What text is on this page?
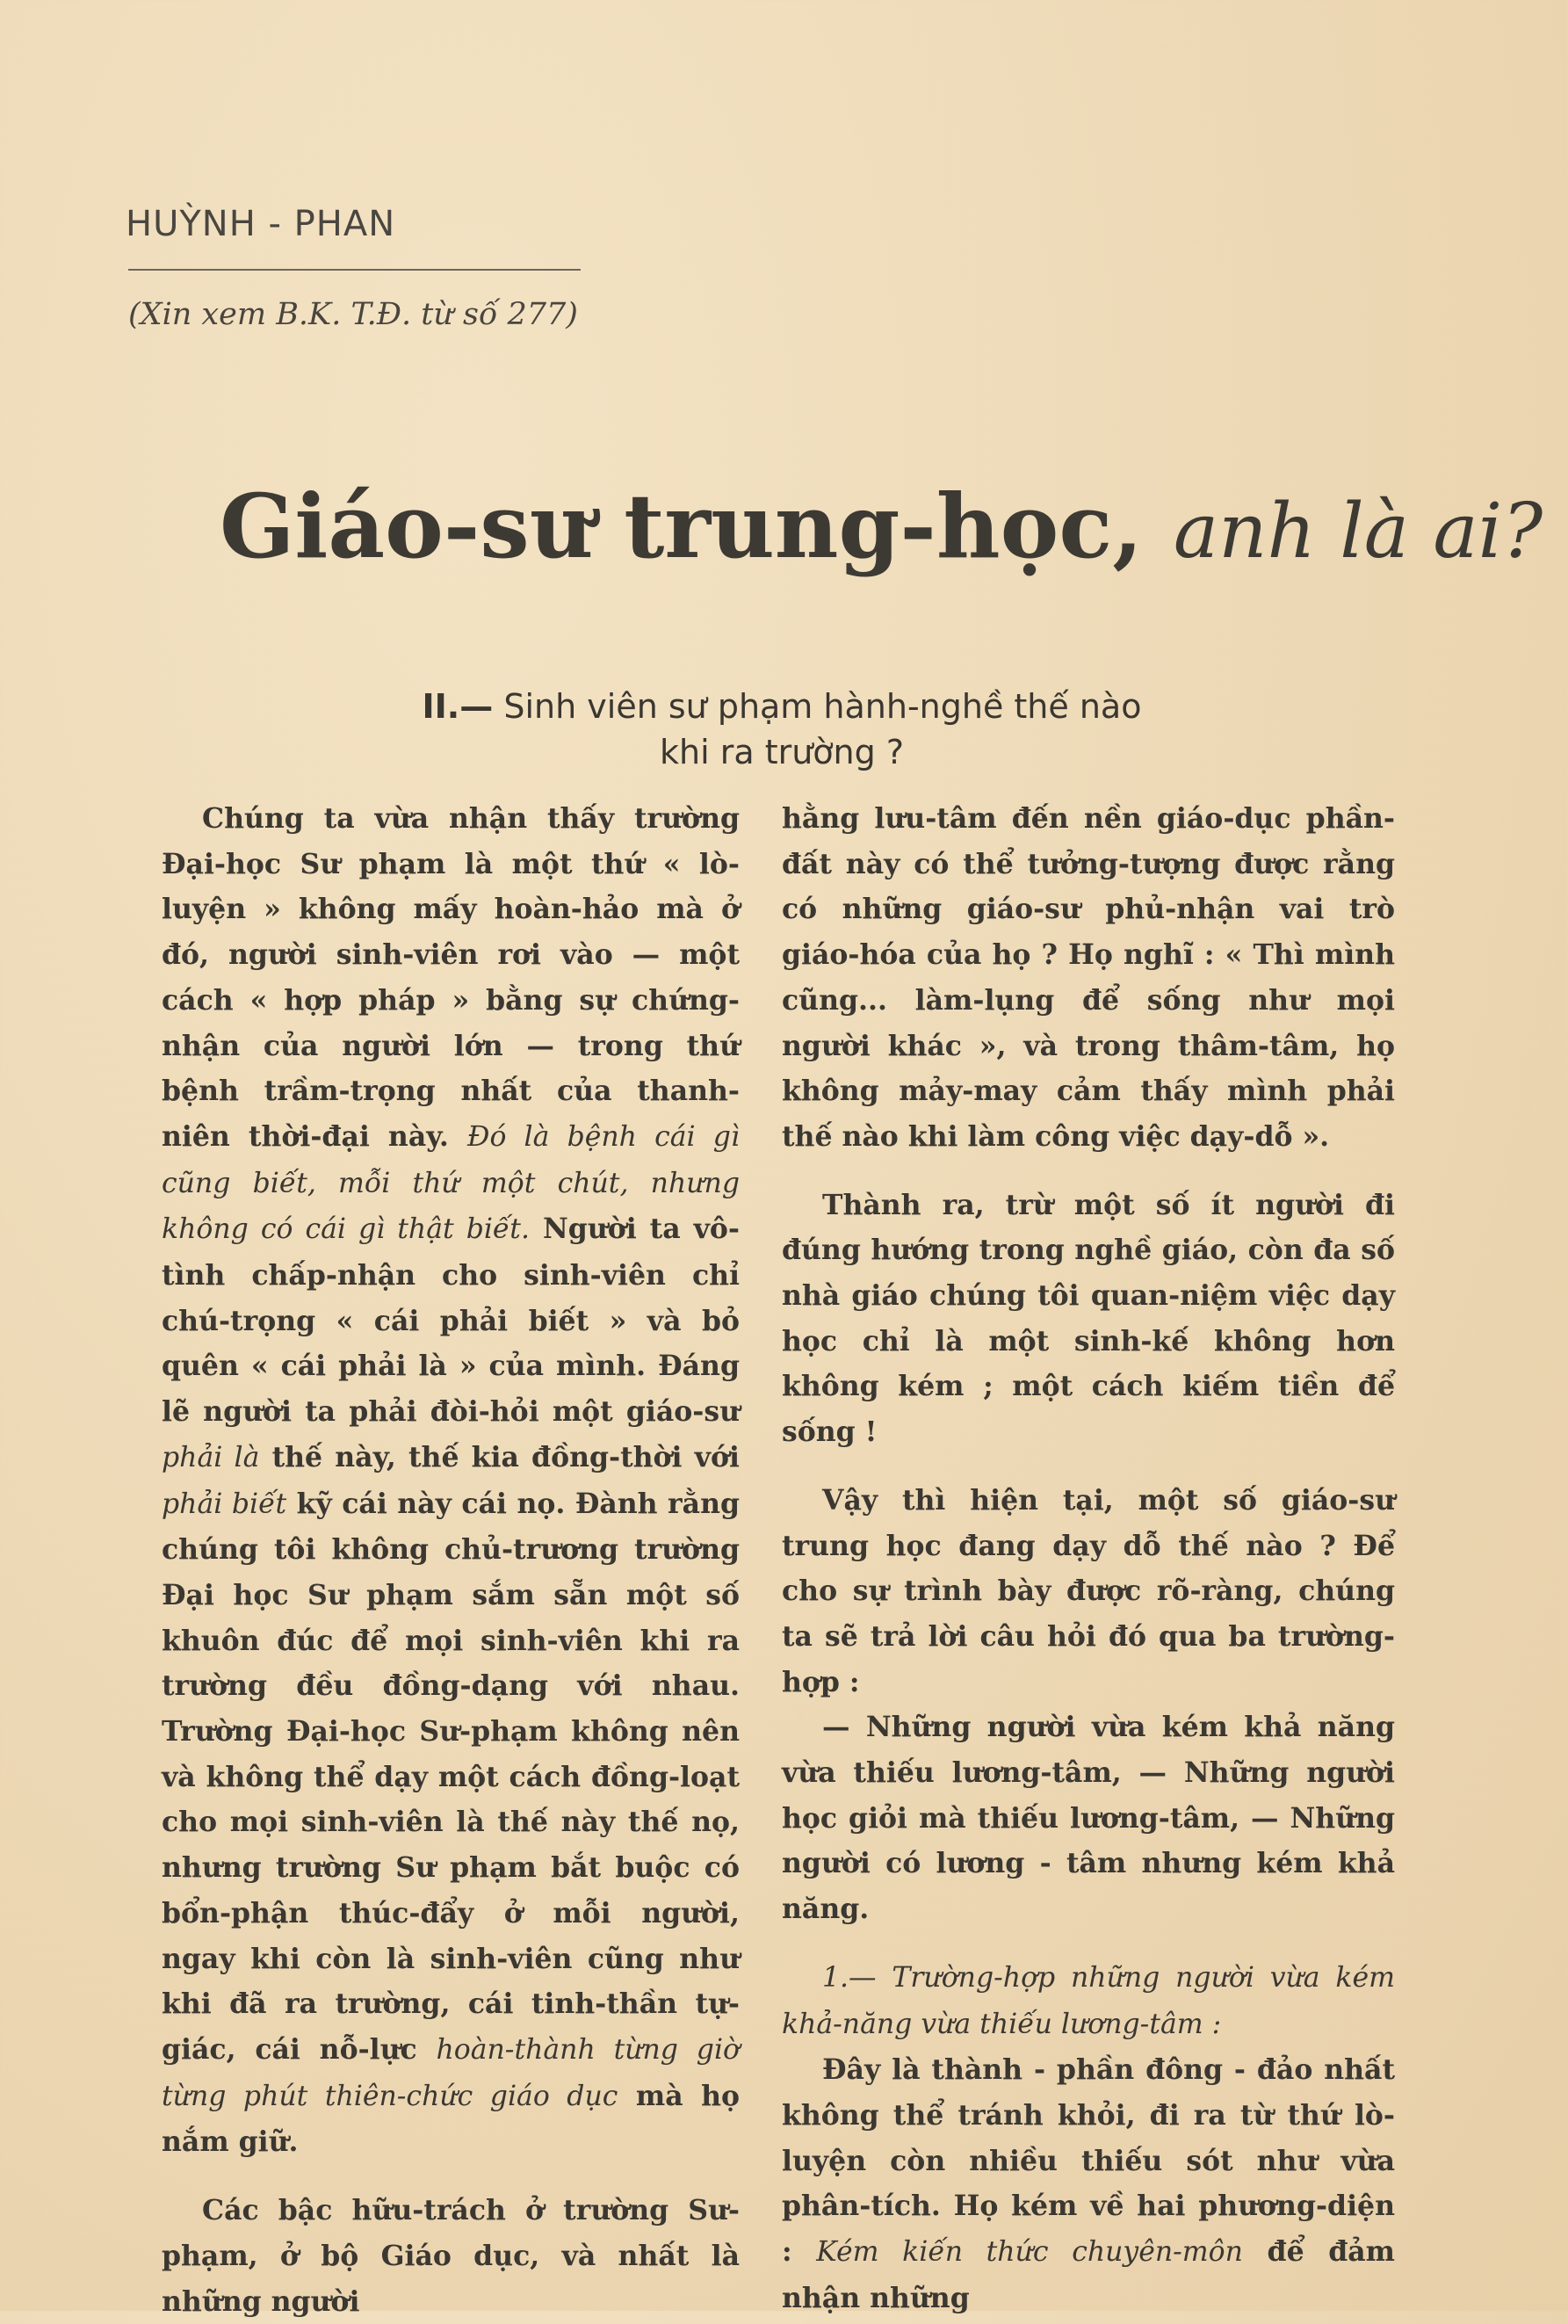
HUỲNH - PHAN
(Xin xem B.K. T.Đ. từ số 277)
Giáo-sư trung-học, anh là ai?
II.— Sinh viên sư phạm hành-nghề thế nào
khi ra trường ?

Chúng ta vừa nhận thấy trường Đại-học Sư phạm là một thứ « lò-luyện » không mấy hoàn-hảo mà ở đó, người sinh-viên rơi vào — một cách « hợp pháp » bằng sự chứng-nhận của người lớn — trong thứ bệnh trầm-trọng nhất của thanh-niên thời-đại này. Đó là bệnh cái gì cũng biết, mỗi thứ một chút, nhưng không có cái gì thật biết. Người ta vô-tình chấp-nhận cho sinh-viên chỉ chú-trọng « cái phải biết » và bỏ quên « cái phải là » của mình. Đáng lẽ người ta phải đòi-hỏi một giáo-sư phải là thế này, thế kia đồng-thời với phải biết kỹ cái này cái nọ. Đành rằng chúng tôi không chủ-trương trường Đại học Sư phạm sắm sẵn một số khuôn đúc để mọi sinh-viên khi ra trường đều đồng-dạng với nhau. Trường Đại-học Sư-phạm không nên và không thể dạy một cách đồng-loạt cho mọi sinh-viên là thế này thế nọ, nhưng trường Sư phạm bắt buộc có bổn-phận thúc-đẩy ở mỗi người, ngay khi còn là sinh-viên cũng như khi đã ra trường, cái tinh-thần tự-giác, cái nỗ-lực hoàn-thành từng giờ từng phút thiên-chức giáo dục mà họ nắm giữ.

Các bậc hữu-trách ở trường Sư-phạm, ở bộ Giáo dục, và nhất là những người

hằng lưu-tâm đến nền giáo-dục phần-đất này có thể tưởng-tượng được rằng có những giáo-sư phủ-nhận vai trò giáo-hóa của họ ? Họ nghĩ : « Thì mình cũng... làm-lụng để sống như mọi người khác », và trong thâm-tâm, họ không mảy-may cảm thấy mình phải thế nào khi làm công việc dạy-dỗ ».

Thành ra, trừ một số ít người đi đúng hướng trong nghề giáo, còn đa số nhà giáo chúng tôi quan-niệm việc dạy học chỉ là một sinh-kế không hơn không kém ; một cách kiếm tiền để sống !

Vậy thì hiện tại, một số giáo-sư trung học đang dạy dỗ thế nào ? Để cho sự trình bày được rõ-ràng, chúng ta sẽ trả lời câu hỏi đó qua ba trường-hợp :

— Những người vừa kém khả năng vừa thiếu lương-tâm, — Những người học giỏi mà thiếu lương-tâm, — Những người có lương - tâm nhưng kém khả năng.

1.— Trường-hợp những người vừa kém khả-năng vừa thiếu lương-tâm :

Đây là thành - phần đông - đảo nhất không thể tránh khỏi, đi ra từ thứ lò-luyện còn nhiều thiếu sót như vừa phân-tích. Họ kém về hai phương-diện : Kém kiến thức chuyên-môn để đảm nhận những
